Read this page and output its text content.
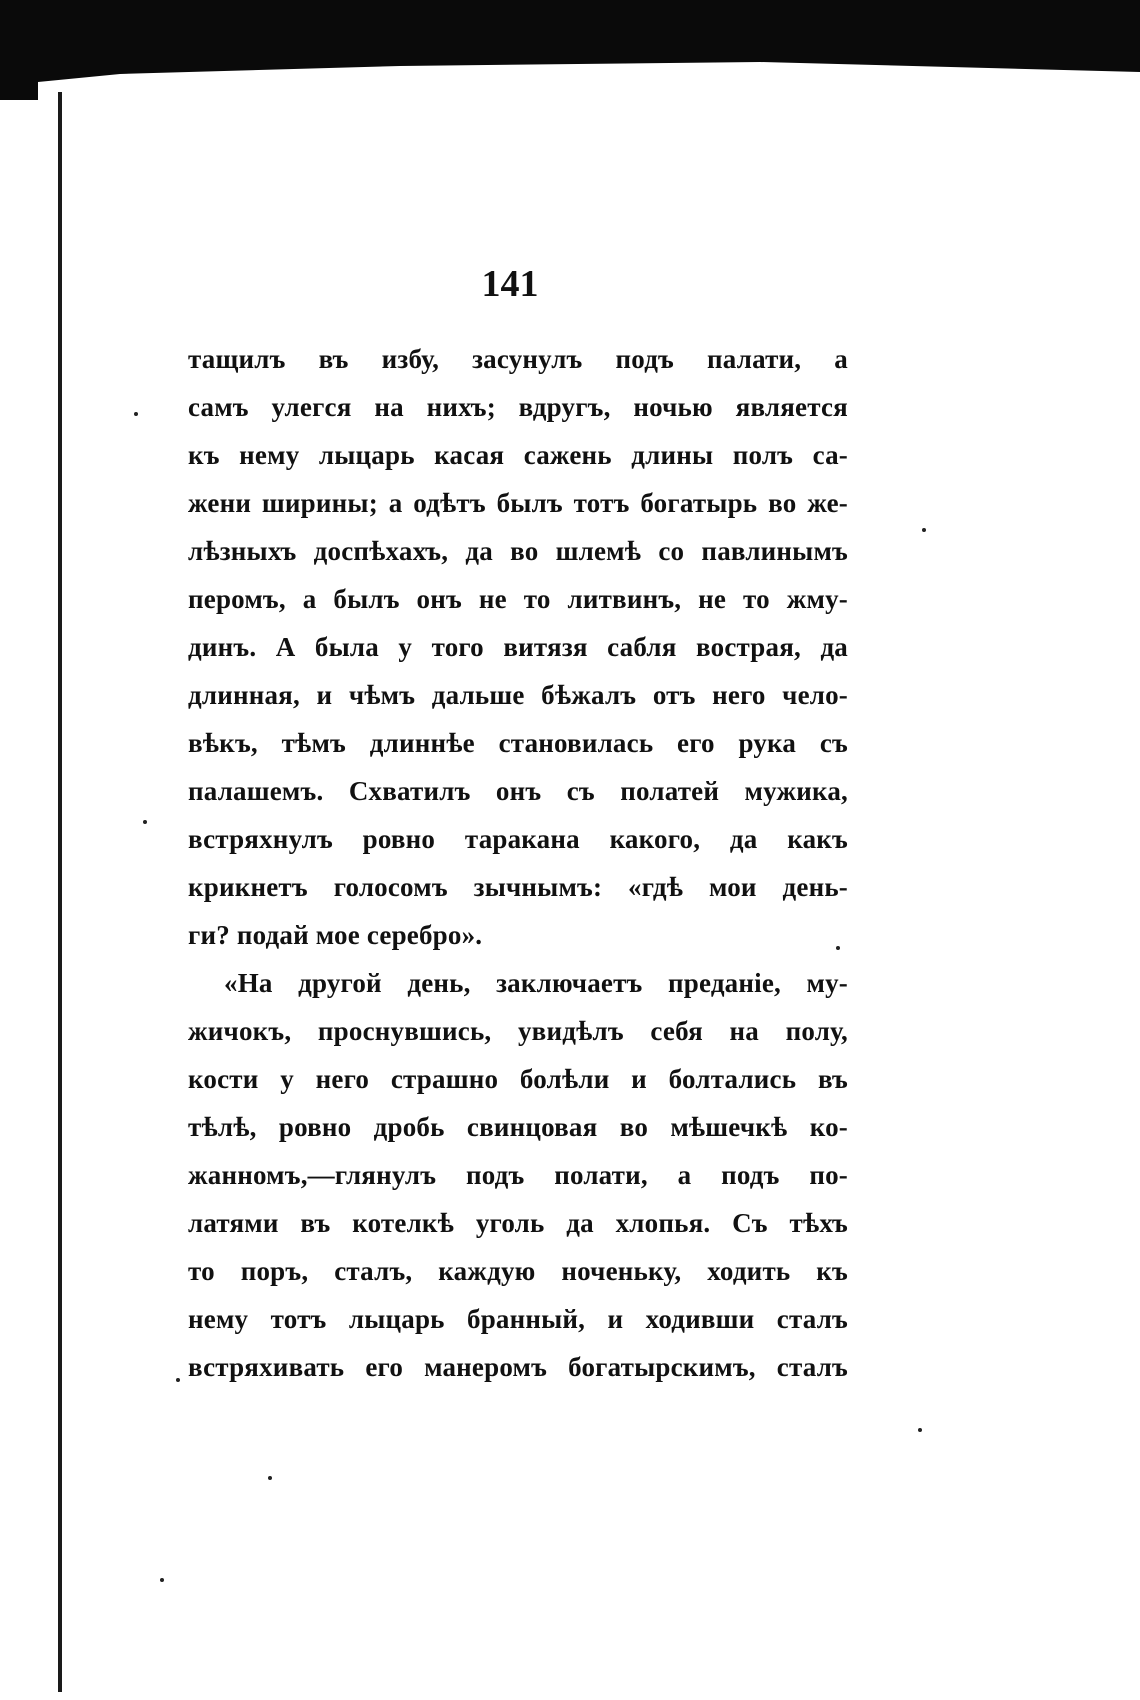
141
тащилъ въ избу, засунулъ подъ палати, а
самъ улегся на нихъ; вдругъ, ночью является
къ нему лыцарь касая сажень длины полъ са-
жени ширины; а одѣтъ былъ тотъ богатырь во же-
лѣзныхъ доспѣхахъ, да во шлемѣ со павлинымъ
перомъ, а былъ онъ не то литвинъ, не то жму-
динъ. А была у того витязя сабля вострая, да
длинная, и чѣмъ дальше бѣжалъ отъ него чело-
вѣкъ, тѣмъ длиннѣе становилась его рука съ
палашемъ. Схватилъ онъ съ полатей мужика,
встряхнулъ ровно таракана какого, да какъ
крикнетъ голосомъ зычнымъ: «гдѣ мои день-
ги? подай мое серебро».
«На другой день, заключаетъ преданіе, му-
жичокъ, проснувшись, увидѣлъ себя на полу,
кости у него страшно болѣли и болтались въ
тѣлѣ, ровно дробь свинцовая во мѣшечкѣ ко-
жанномъ,—глянулъ подъ полати, а подъ по-
латями въ котелкѣ уголь да хлопья. Съ тѣхъ
то поръ, сталъ, каждую ноченьку, ходить къ
нему тотъ лыцарь бранный, и ходивши сталъ
встряхивать его манеромъ богатырскимъ, сталъ
